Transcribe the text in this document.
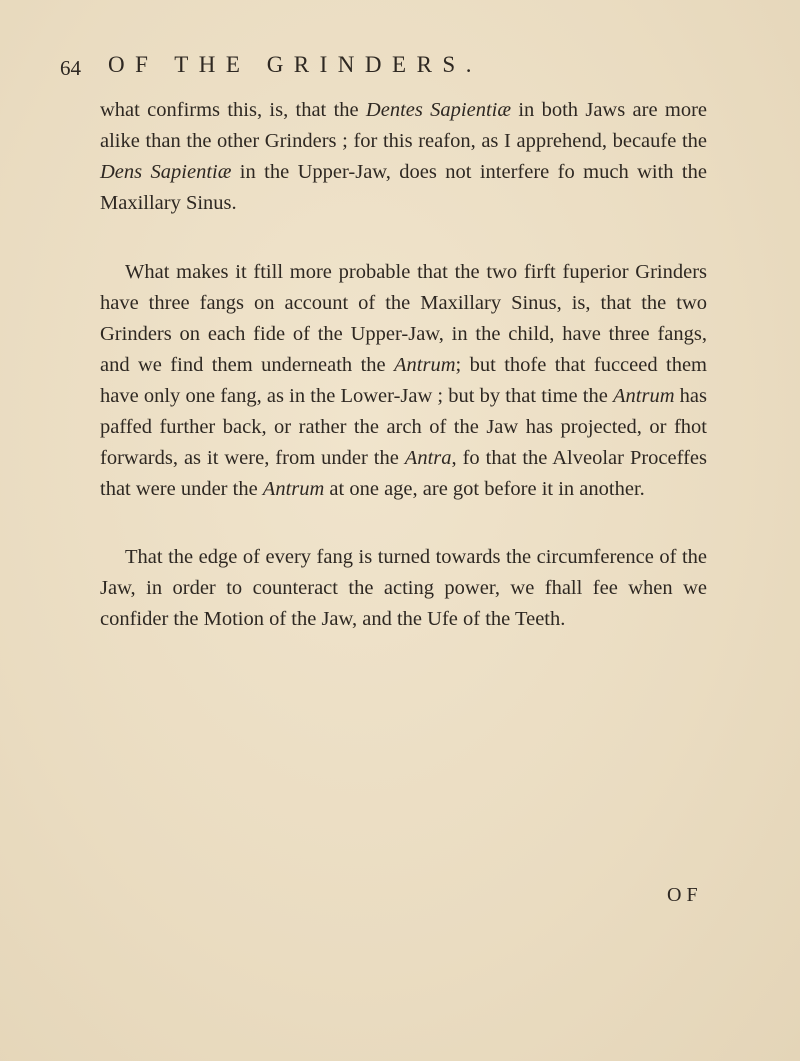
64 OF THE GRINDERS.

what confirms this, is, that the Dentes Sapientiæ in both Jaws are more alike than the other Grinders ; for this reafon, as I apprehend, becaufe the Dens Sapientiæ in the Upper-Jaw, does not interfere fo much with the Maxillary Sinus.

What makes it ftill more probable that the two firft fuperior Grinders have three fangs on account of the Maxillary Sinus, is, that the two Grinders on each fide of the Upper-Jaw, in the child, have three fangs, and we find them underneath the Antrum; but thofe that fucceed them have only one fang, as in the Lower-Jaw ; but by that time the Antrum has paffed further back, or rather the arch of the Jaw has projected, or fhot forwards, as it were, from under the Antra, fo that the Alveolar Proceffes that were under the Antrum at one age, are got before it in another.

That the edge of every fang is turned towards the circumference of the Jaw, in order to counteract the acting power, we fhall fee when we confider the Motion of the Jaw, and the Ufe of the Teeth.

OF
